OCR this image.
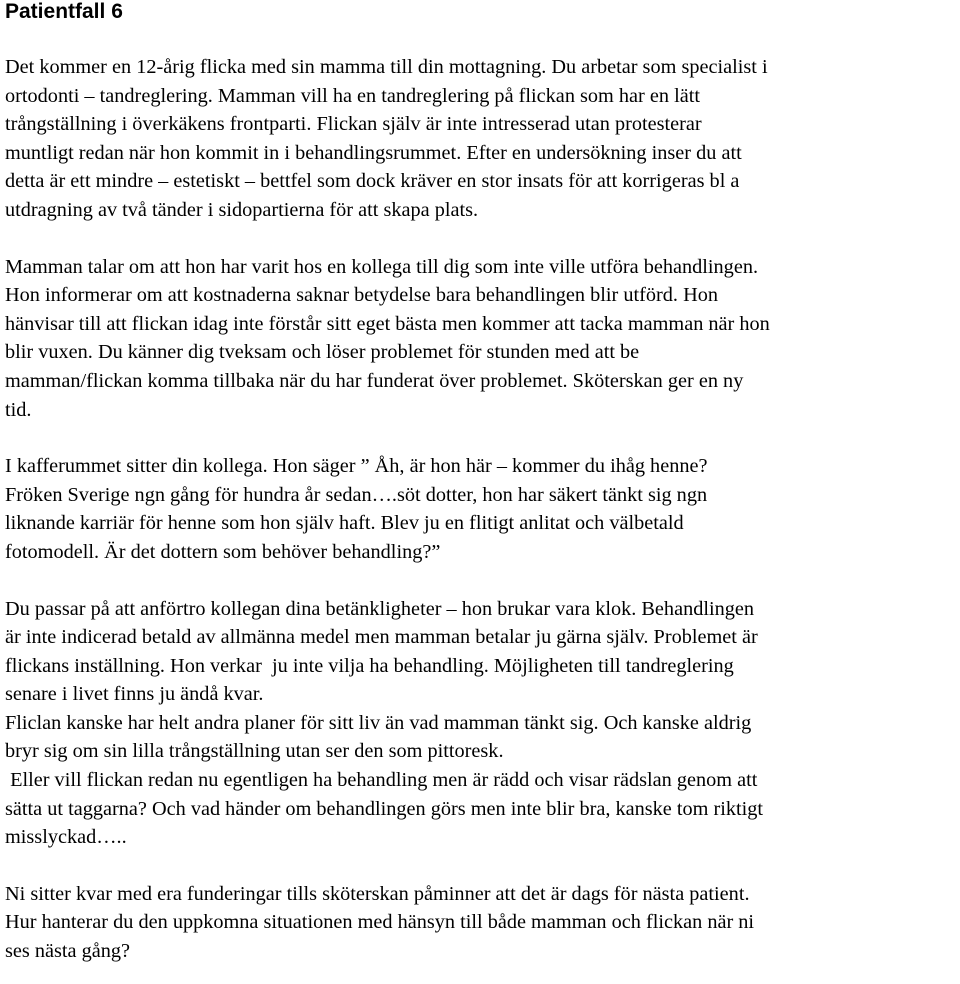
Patientfall 6
Det kommer en 12-årig flicka med sin mamma till din mottagning. Du arbetar som specialist i
ortodonti – tandreglering. Mamman vill ha en tandreglering på flickan som har en lätt
trångställning i överkäkens frontparti. Flickan själv är inte intresserad utan protesterar
muntligt redan när hon kommit in i behandlingsrummet. Efter en undersökning inser du att
detta är ett mindre – estetiskt – bettfel som dock kräver en stor insats för att korrigeras bl a
utdragning av två tänder i sidopartierna för att skapa plats.
Mamman talar om att hon har varit hos en kollega till dig som inte ville utföra behandlingen.
Hon informerar om att kostnaderna saknar betydelse bara behandlingen blir utförd. Hon
hänvisar till att flickan idag inte förstår sitt eget bästa men kommer att tacka mamman när hon
blir vuxen. Du känner dig tveksam och löser problemet för stunden med att be
mamman/flickan komma tillbaka när du har funderat över problemet. Sköterskan ger en ny
tid.
I kafferummet sitter din kollega. Hon säger ” Åh, är hon här – kommer du ihåg henne?
Fröken Sverige ngn gång för hundra år sedan….söt dotter, hon har säkert tänkt sig ngn
liknande karriär för henne som hon själv haft. Blev ju en flitigt anlitat och välbetald
fotomodell. Är det dottern som behöver behandling?”
Du passar på att anförtro kollegan dina betänkligheter – hon brukar vara klok. Behandlingen
är inte indicerad betald av allmänna medel men mamman betalar ju gärna själv. Problemet är
flickans inställning. Hon verkar  ju inte vilja ha behandling. Möjligheten till tandreglering
senare i livet finns ju ändå kvar.
Fliclan kanske har helt andra planer för sitt liv än vad mamman tänkt sig. Och kanske aldrig
bryr sig om sin lilla trångställning utan ser den som pittoresk.
Eller vill flickan redan nu egentligen ha behandling men är rädd och visar rädslan genom att
sätta ut taggarna? Och vad händer om behandlingen görs men inte blir bra, kanske tom riktigt
misslyckad…..
Ni sitter kvar med era funderingar tills sköterskan påminner att det är dags för nästa patient.
Hur hanterar du den uppkomna situationen med hänsyn till både mamman och flickan när ni
ses nästa gång?
